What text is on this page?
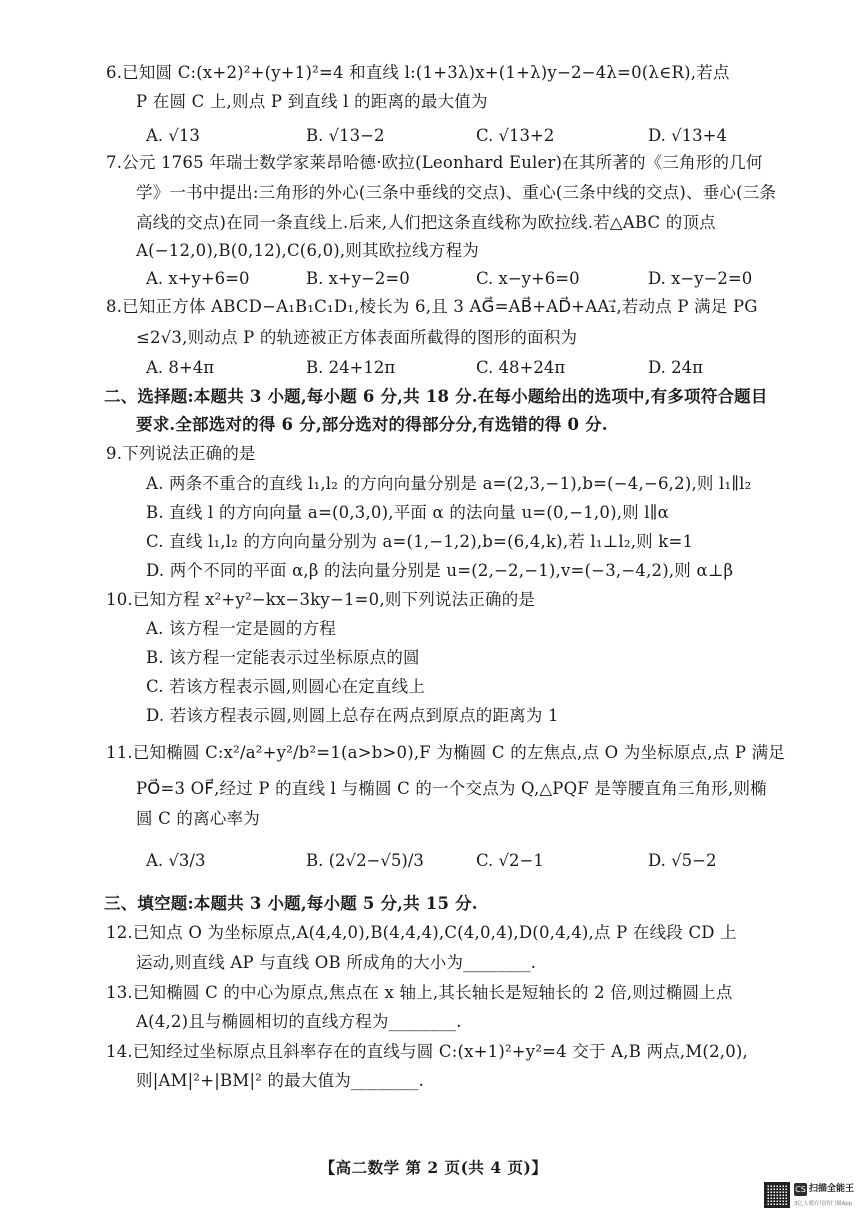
6.已知圆 C:(x+2)²+(y+1)²=4 和直线 l:(1+3λ)x+(1+λ)y−2−4λ=0(λ∈R),若点
P 在圆 C 上,则点 P 到直线 l 的距离的最大值为
A. √13	B. √13−2	C. √13+2	D. √13+4
7.公元 1765 年瑞士数学家莱昂哈德·欧拉(Leonhard Euler)在其所著的《三角形的几何
学》一书中提出:三角形的外心(三条中垂线的交点)、重心(三条中线的交点)、垂心(三条
高线的交点)在同一条直线上.后来,人们把这条直线称为欧拉线.若△ABC 的顶点
A(−12,0),B(0,12),C(6,0),则其欧拉线方程为
A. x+y+6=0	B. x+y−2=0	C. x−y+6=0	D. x−y−2=0
8.已知正方体 ABCD−A₁B₁C₁D₁,棱长为 6,且 3 AG⃗=AB⃗+AD⃗+AA₁⃗,若动点 P 满足 PG
≤2√3,则动点 P 的轨迹被正方体表面所截得的图形的面积为
A. 8+4π	B. 24+12π	C. 48+24π	D. 24π
二、选择题:本题共 3 小题,每小题 6 分,共 18 分.在每小题给出的选项中,有多项符合题目
要求.全部选对的得 6 分,部分选对的得部分分,有选错的得 0 分.
9.下列说法正确的是
A. 两条不重合的直线 l₁,l₂ 的方向向量分别是 a=(2,3,−1),b=(−4,−6,2),则 l₁∥l₂
B. 直线 l 的方向向量 a=(0,3,0),平面 α 的法向量 u=(0,−1,0),则 l∥α
C. 直线 l₁,l₂ 的方向向量分别为 a=(1,−1,2),b=(6,4,k),若 l₁⊥l₂,则 k=1
D. 两个不同的平面 α,β 的法向量分别是 u=(2,−2,−1),v=(−3,−4,2),则 α⊥β
10.已知方程 x²+y²−kx−3ky−1=0,则下列说法正确的是
A. 该方程一定是圆的方程
B. 该方程一定能表示过坐标原点的圆
C. 若该方程表示圆,则圆心在定直线上
D. 若该方程表示圆,则圆上总存在两点到原点的距离为 1
11.已知椭圆 C:x²/a²+y²/b²=1(a>b>0),F 为椭圆 C 的左焦点,点 O 为坐标原点,点 P 满足
PO⃗=3 OF⃗,经过 P 的直线 l 与椭圆 C 的一个交点为 Q,△PQF 是等腰直角三角形,则椭
圆 C 的离心率为
A. √3/3	B. (2√2−√5)/3	C. √2−1	D. √5−2
三、填空题:本题共 3 小题,每小题 5 分,共 15 分.
12.已知点 O 为坐标原点,A(4,4,0),B(4,4,4),C(4,0,4),D(0,4,4),点 P 在线段 CD 上
运动,则直线 AP 与直线 OB 所成角的大小为________.
13.已知椭圆 C 的中心为原点,焦点在 x 轴上,其长轴长是短轴长的 2 倍,则过椭圆上点
A(4,2)且与椭圆相切的直线方程为________.
14.已知经过坐标原点且斜率存在的直线与圆 C:(x+1)²+y²=4 交于 A,B 两点,M(2,0),
则|AM|²+|BM|² 的最大值为________.
【高二数学 第 2 页(共 4 页)】
CS 扫描全能王
3亿人都在用的扫描App
